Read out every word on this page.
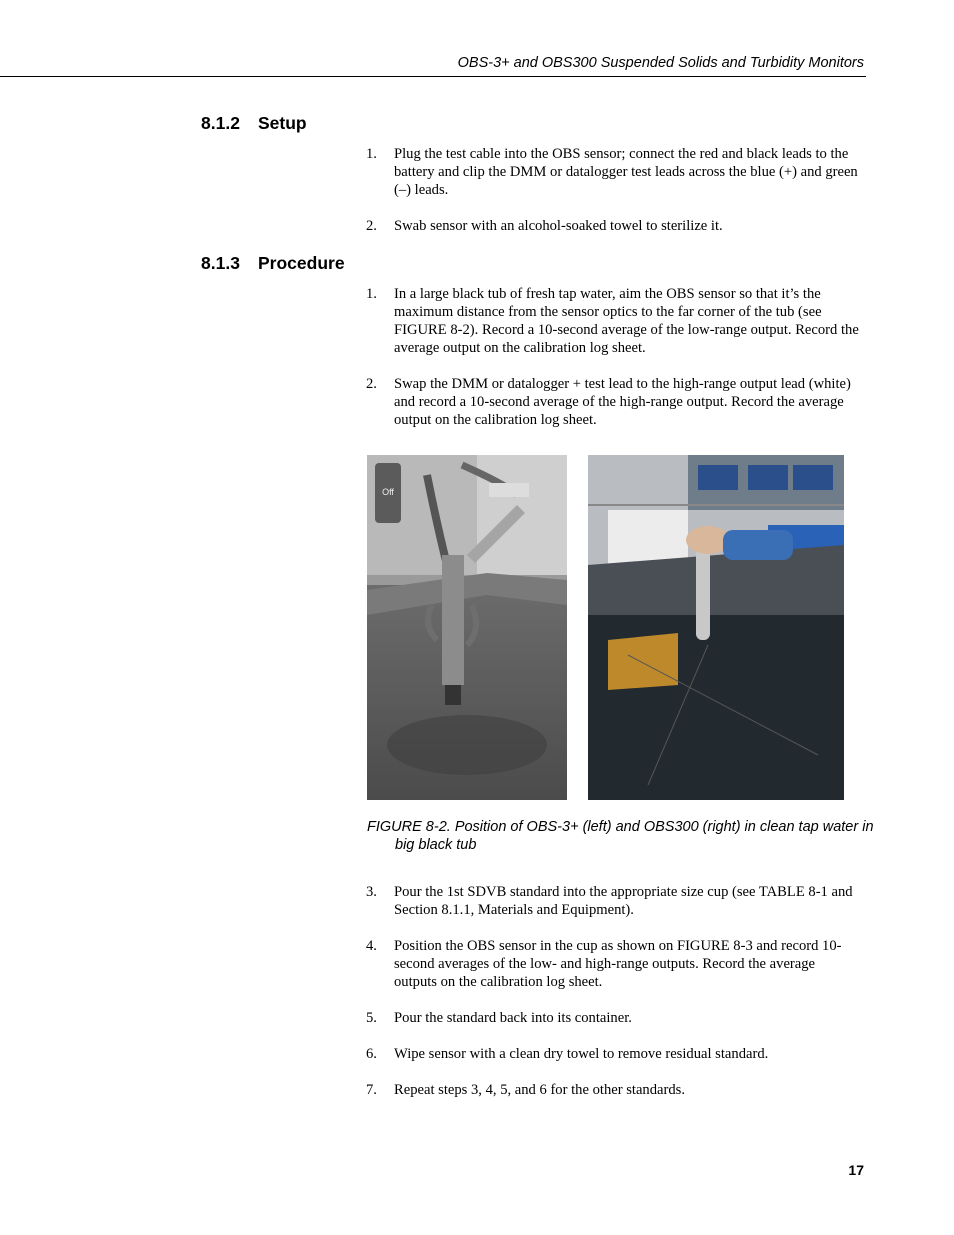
OBS-3+ and OBS300 Suspended Solids and Turbidity Monitors
8.1.2 Setup
1. Plug the test cable into the OBS sensor; connect the red and black leads to the battery and clip the DMM or datalogger test leads across the blue (+) and green (–) leads.
2. Swab sensor with an alcohol-soaked towel to sterilize it.
8.1.3 Procedure
1. In a large black tub of fresh tap water, aim the OBS sensor so that it’s the maximum distance from the sensor optics to the far corner of the tub (see FIGURE 8-2). Record a 10-second average of the low-range output. Record the average output on the calibration log sheet.
2. Swap the DMM or datalogger + test lead to the high-range output lead (white) and record a 10-second average of the high-range output. Record the average output on the calibration log sheet.
Off
FIGURE 8-2. Position of OBS-3+ (left) and OBS300 (right) in clean tap water in big black tub
3. Pour the 1st SDVB standard into the appropriate size cup (see TABLE 8-1 and Section 8.1.1, Materials and Equipment).
4. Position the OBS sensor in the cup as shown on FIGURE 8-3 and record 10-second averages of the low- and high-range outputs. Record the average outputs on the calibration log sheet.
5. Pour the standard back into its container.
6. Wipe sensor with a clean dry towel to remove residual standard.
7. Repeat steps 3, 4, 5, and 6 for the other standards.
17
